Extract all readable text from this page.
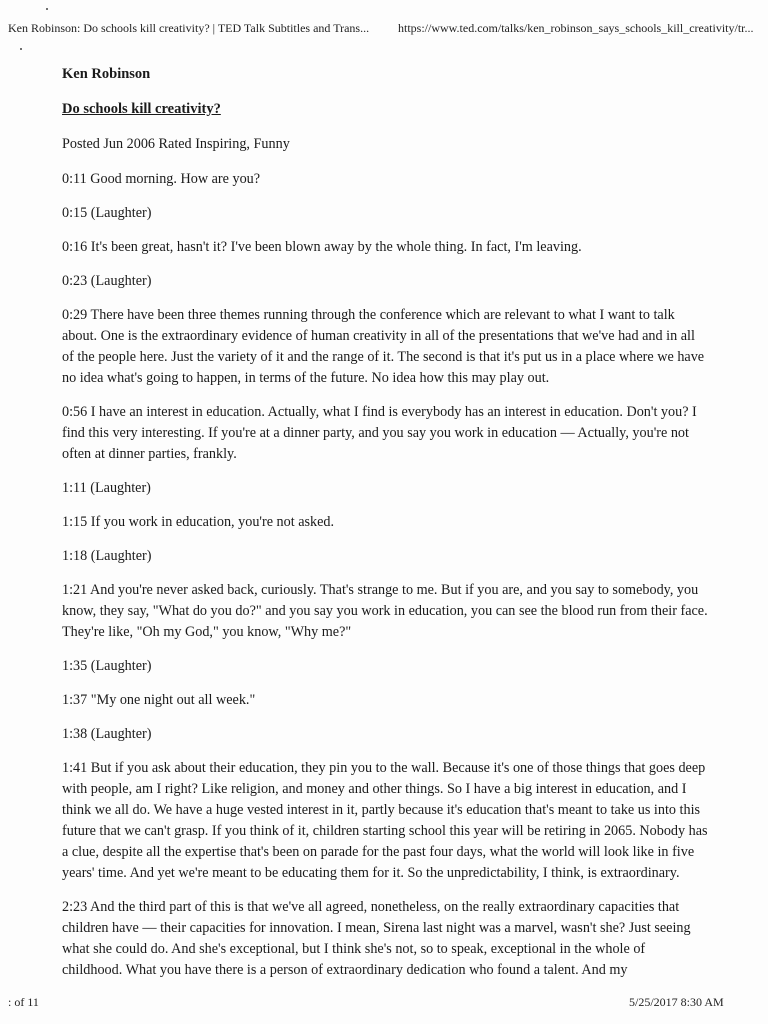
Ken Robinson: Do schools kill creativity? | TED Talk Subtitles and Trans... https://www.ted.com/talks/ken_robinson_says_schools_kill_creativity/tr...
Ken Robinson
Do schools kill creativity?
Posted Jun 2006 Rated Inspiring, Funny

0:11 Good morning. How are you?

0:15 (Laughter)

0:16 It's been great, hasn't it? I've been blown away by the whole thing. In fact, I'm leaving.

0:23 (Laughter)

0:29 There have been three themes running through the conference which are relevant to what I want to talk about. One is the extraordinary evidence of human creativity in all of the presentations that we've had and in all of the people here. Just the variety of it and the range of it. The second is that it's put us in a place where we have no idea what's going to happen, in terms of the future. No idea how this may play out.

0:56 I have an interest in education. Actually, what I find is everybody has an interest in education. Don't you? I find this very interesting. If you're at a dinner party, and you say you work in education — Actually, you're not often at dinner parties, frankly.

1:11 (Laughter)

1:15 If you work in education, you're not asked.

1:18 (Laughter)

1:21 And you're never asked back, curiously. That's strange to me. But if you are, and you say to somebody, you know, they say, "What do you do?" and you say you work in education, you can see the blood run from their face. They're like, "Oh my God," you know, "Why me?"

1:35 (Laughter)

1:37 "My one night out all week."

1:38 (Laughter)

1:41 But if you ask about their education, they pin you to the wall. Because it's one of those things that goes deep with people, am I right? Like religion, and money and other things. So I have a big interest in education, and I think we all do. We have a huge vested interest in it, partly because it's education that's meant to take us into this future that we can't grasp. If you think of it, children starting school this year will be retiring in 2065. Nobody has a clue, despite all the expertise that's been on parade for the past four days, what the world will look like in five years' time. And yet we're meant to be educating them for it. So the unpredictability, I think, is extraordinary.

2:23 And the third part of this is that we've all agreed, nonetheless, on the really extraordinary capacities that children have — their capacities for innovation. I mean, Sirena last night was a marvel, wasn't she? Just seeing what she could do. And she's exceptional, but I think she's not, so to speak, exceptional in the whole of childhood. What you have there is a person of extraordinary dedication who found a talent. And my

: of 11	5/25/2017 8:30 AM
